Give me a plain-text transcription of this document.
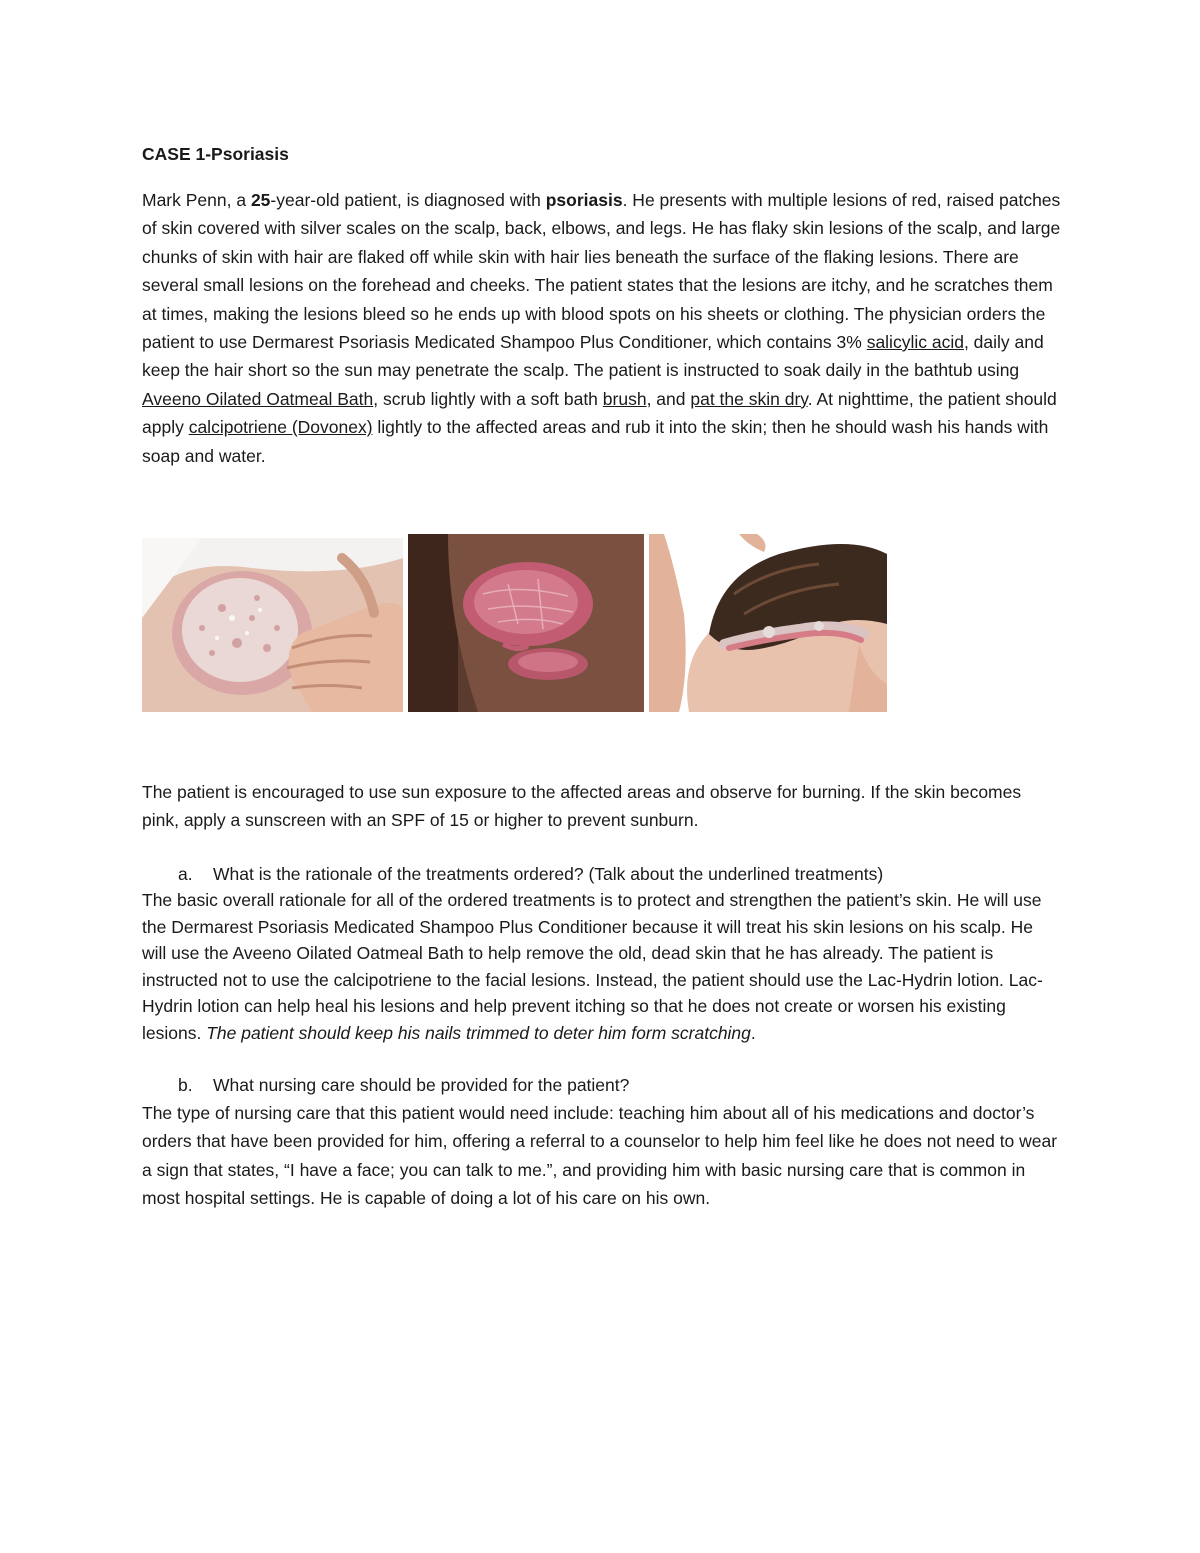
CASE 1-Psoriasis

Mark Penn, a 25-year-old patient, is diagnosed with psoriasis. He presents with multiple lesions of red, raised patches of skin covered with silver scales on the scalp, back, elbows, and legs. He has flaky skin lesions of the scalp, and large chunks of skin with hair are flaked off while skin with hair lies beneath the surface of the flaking lesions. There are several small lesions on the forehead and cheeks. The patient states that the lesions are itchy, and he scratches them at times, making the lesions bleed so he ends up with blood spots on his sheets or clothing. The physician orders the patient to use Dermarest Psoriasis Medicated Shampoo Plus Conditioner, which contains 3% salicylic acid, daily and keep the hair short so the sun may penetrate the scalp. The patient is instructed to soak daily in the bathtub using Aveeno Oilated Oatmeal Bath, scrub lightly with a soft bath brush, and pat the skin dry. At nighttime, the patient should apply calcipotriene (Dovonex) lightly to the affected areas and rub it into the skin; then he should wash his hands with soap and water.

The patient is encouraged to use sun exposure to the affected areas and observe for burning. If the skin becomes pink, apply a sunscreen with an SPF of 15 or higher to prevent sunburn.

a. What is the rationale of the treatments ordered? (Talk about the underlined treatments)

The basic overall rationale for all of the ordered treatments is to protect and strengthen the patient’s skin. He will use the Dermarest Psoriasis Medicated Shampoo Plus Conditioner because it will treat his skin lesions on his scalp. He will use the Aveeno Oilated Oatmeal Bath to help remove the old, dead skin that he has already. The patient is instructed not to use the calcipotriene to the facial lesions. Instead, the patient should use the Lac-Hydrin lotion. Lac-Hydrin lotion can help heal his lesions and help prevent itching so that he does not create or worsen his existing lesions. The patient should keep his nails trimmed to deter him form scratching.

b. What nursing care should be provided for the patient?

The type of nursing care that this patient would need include: teaching him about all of his medications and doctor’s orders that have been provided for him, offering a referral to a counselor to help him feel like he does not need to wear a sign that states, “I have a face; you can talk to me.”, and providing him with basic nursing care that is common in most hospital settings. He is capable of doing a lot of his care on his own.
